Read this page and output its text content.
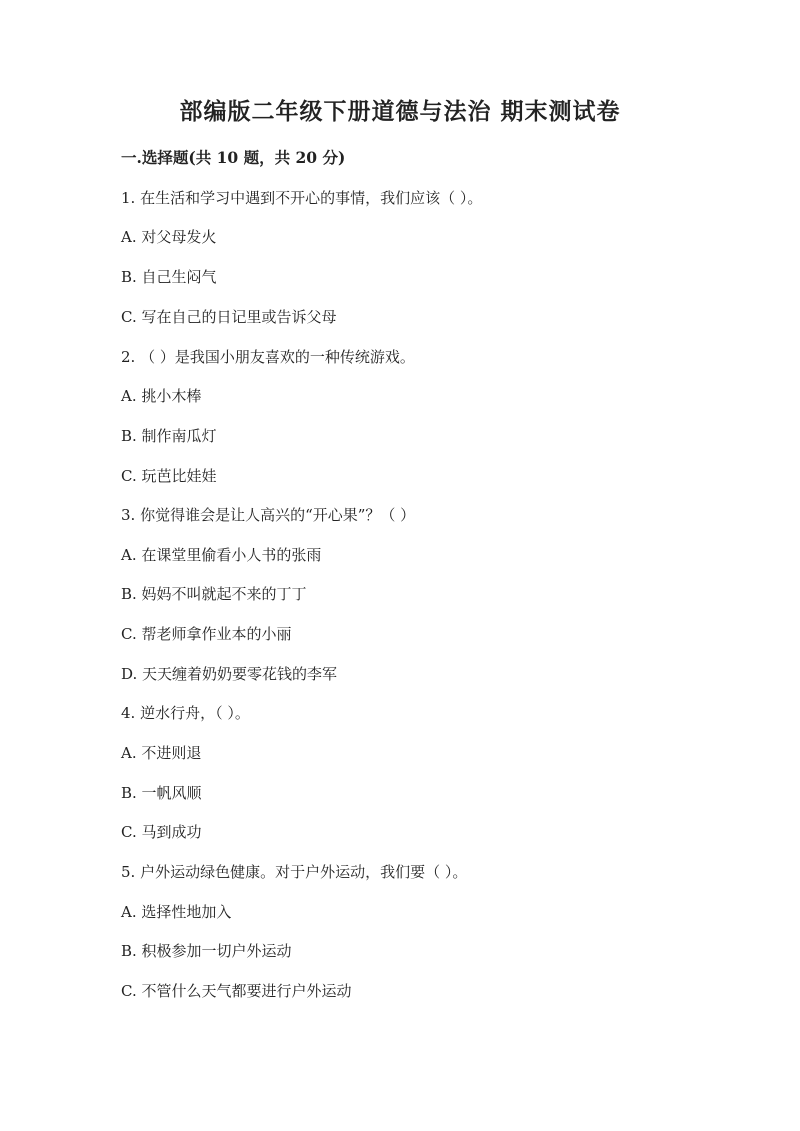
部编版二年级下册道德与法治 期末测试卷
一.选择题(共 10 题，共 20 分)

1. 在生活和学习中遇到不开心的事情，我们应该（ ）。

A. 对父母发火

B. 自己生闷气

C. 写在自己的日记里或告诉父母

2. （ ）是我国小朋友喜欢的一种传统游戏。

A. 挑小木棒

B. 制作南瓜灯

C. 玩芭比娃娃

3. 你觉得谁会是让人高兴的“开心果”？（ ）

A. 在课堂里偷看小人书的张雨

B. 妈妈不叫就起不来的丁丁

C. 帮老师拿作业本的小丽

D. 天天缠着奶奶要零花钱的李军

4. 逆水行舟，（ ）。

A. 不进则退

B. 一帆风顺

C. 马到成功

5. 户外运动绿色健康。对于户外运动，我们要（ ）。

A. 选择性地加入

B. 积极参加一切户外运动

C. 不管什么天气都要进行户外运动
